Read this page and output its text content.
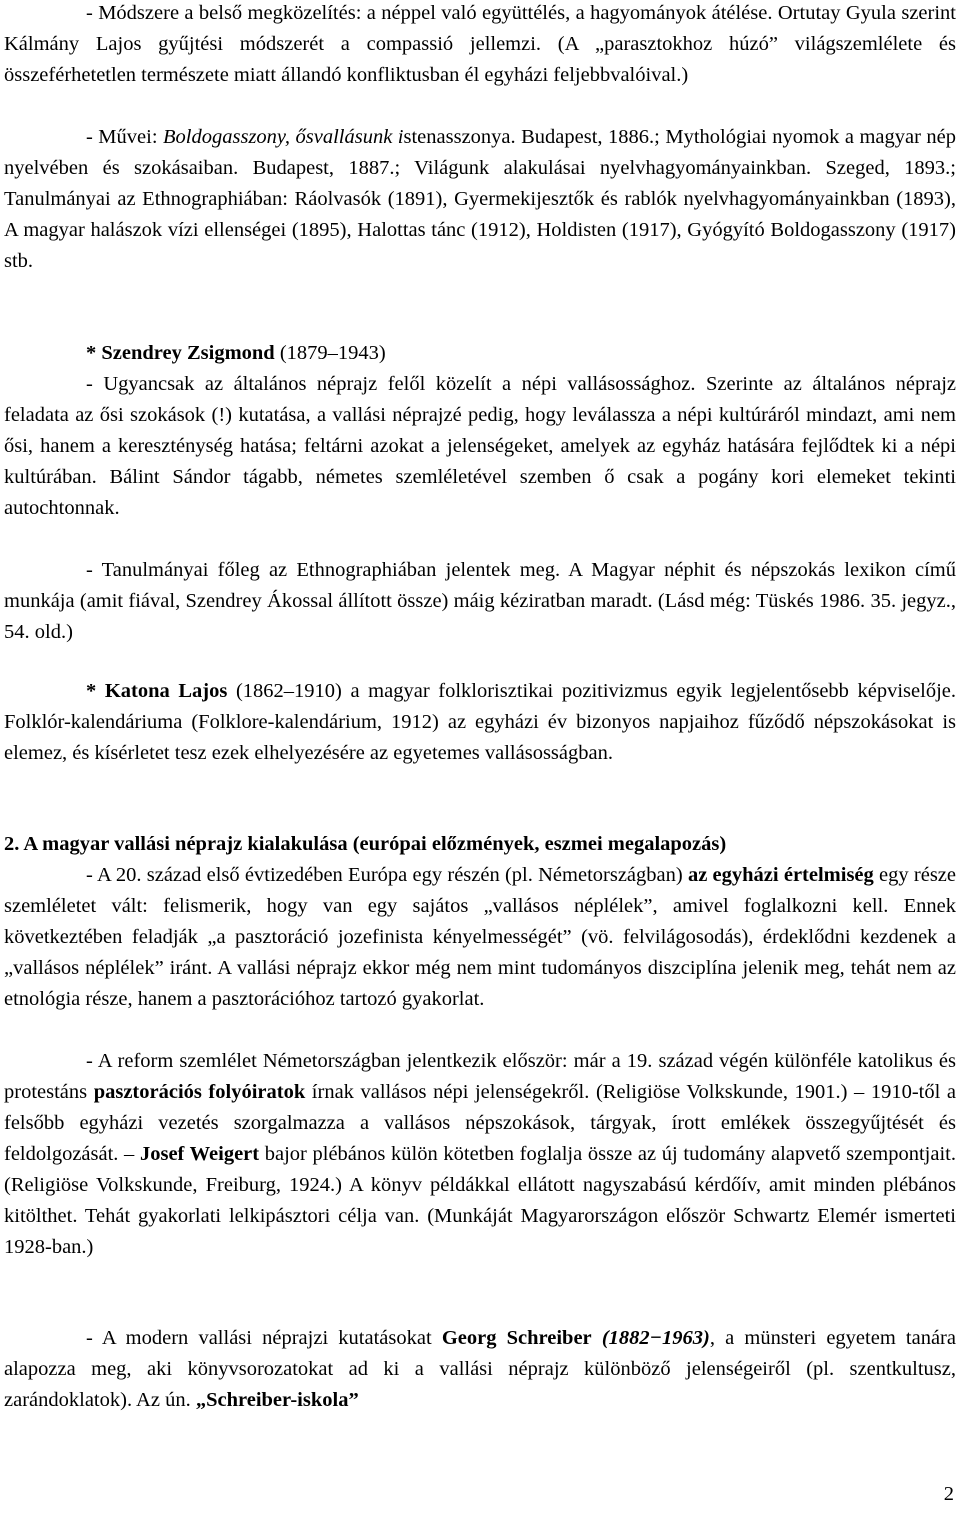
- Módszere a belső megközelítés: a néppel való együttélés, a hagyományok átélése. Ortutay Gyula szerint Kálmány Lajos gyűjtési módszerét a compassió jellemzi. (A „parasztokhoz húzó” világszemlélete és összeférhetetlen természete miatt állandó konfliktusban él egyházi feljebbvalóival.)

- Művei: Boldogasszony, ősvallásunk istenasszonya. Budapest, 1886.; Mythológiai nyomok a magyar nép nyelvében és szokásaiban. Budapest, 1887.; Világunk alakulásai nyelvhagyományainkban. Szeged, 1893.; Tanulmányai az Ethnographiában: Ráolvasók (1891), Gyermekijesztők és rablók nyelvhagyományainkban (1893), A magyar halászok vízi ellenségei (1895), Halottas tánc (1912), Holdisten (1917), Gyógyító Boldogasszony (1917) stb.

* Szendrey Zsigmond (1879–1943)

- Ugyancsak az általános néprajz felől közelít a népi vallásossághoz. Szerinte az általános néprajz feladata az ősi szokások (!) kutatása, a vallási néprajzé pedig, hogy leválassza a népi kultúráról mindazt, ami nem ősi, hanem a kereszténység hatása; feltárni azokat a jelenségeket, amelyek az egyház hatására fejlődtek ki a népi kultúrában. Bálint Sándor tágabb, németes szemléletével szemben ő csak a pogány kori elemeket tekinti autochtonnak.

- Tanulmányai főleg az Ethnographiában jelentek meg. A Magyar néphit és népszokás lexikon című munkája (amit fiával, Szendrey Ákossal állított össze) máig kéziratban maradt. (Lásd még: Tüskés 1986. 35. jegyz., 54. old.)

* Katona Lajos (1862–1910) a magyar folklorisztikai pozitivizmus egyik legjelentősebb képviselője. Folklór-kalendáriuma (Folklore-kalendárium, 1912) az egyházi év bizonyos napjaihoz fűződő népszokásokat is elemez, és kísérletet tesz ezek elhelyezésére az egyetemes vallásosságban.

2. A magyar vallási néprajz kialakulása (európai előzmények, eszmei megalapozás)

- A 20. század első évtizedében Európa egy részén (pl. Németországban) az egyházi értelmiség egy része szemléletet vált: felismerik, hogy van egy sajátos „vallásos néplélek”, amivel foglalkozni kell. Ennek következtében feladják „a pasztoráció jozefinista kényelmességét” (vö. felvilágosodás), érdeklődni kezdenek a „vallásos néplélek” iránt. A vallási néprajz ekkor még nem mint tudományos diszciplína jelenik meg, tehát nem az etnológia része, hanem a pasztorációhoz tartozó gyakorlat.

- A reform szemlélet Németországban jelentkezik először: már a 19. század végén különféle katolikus és protestáns pasztorációs folyóiratok írnak vallásos népi jelenségekről. (Religiöse Volkskunde, 1901.) – 1910-től a felsőbb egyházi vezetés szorgalmazza a vallásos népszokások, tárgyak, írott emlékek összegyűjtését és feldolgozását. – Josef Weigert bajor plébános külön kötetben foglalja össze az új tudomány alapvető szempontjait. (Religiöse Volkskunde, Freiburg, 1924.) A könyv példákkal ellátott nagyszabású kérdőív, amit minden plébános kitölthet. Tehát gyakorlati lelkipásztori célja van. (Munkáját Magyarországon először Schwartz Elemér ismerteti 1928-ban.)

- A modern vallási néprajzi kutatásokat Georg Schreiber (1882−1963), a münsteri egyetem tanára alapozza meg, aki könyvsorozatokat ad ki a vallási néprajz különböző jelenségeiről (pl. szentkultusz, zarándoklatok). Az ún. „Schreiber-iskola”

2
